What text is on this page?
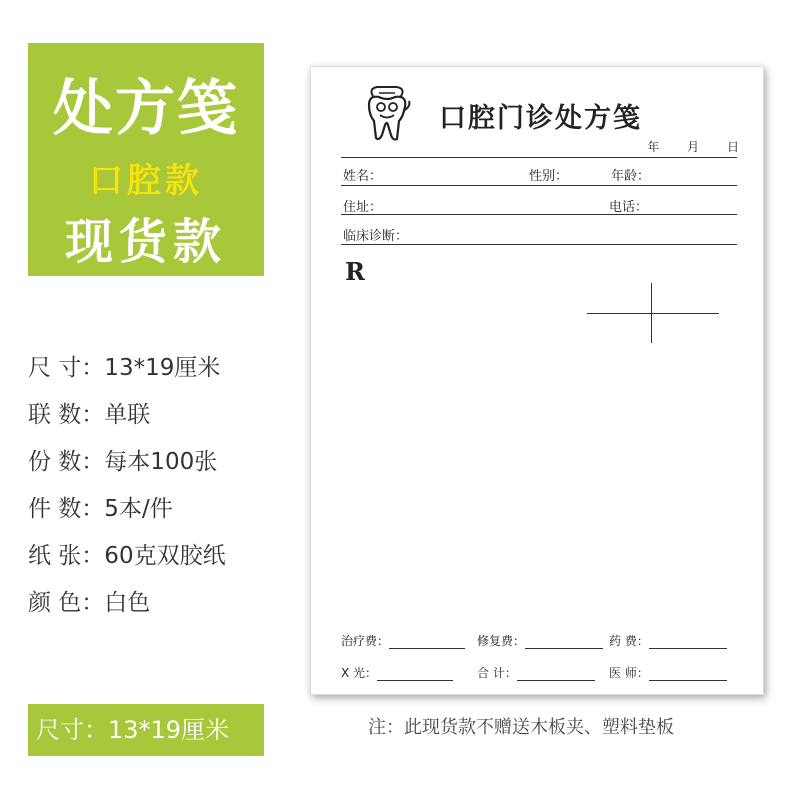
处方笺
口腔款
现货款
尺 寸：13*19厘米
联 数：单联
份 数：每本100张
件 数：5本/件
纸 张：60克双胶纸
颜 色：白色
尺寸：13*19厘米	注：此现货款不赠送木板夹、塑料垫板
口腔门诊处方笺
年 月 日
姓名：	性别：	年龄：
住址：	电话：
临床诊断：
R
治疗费：	修复费：	药 费：
X 光：	合 计：	医 师：
